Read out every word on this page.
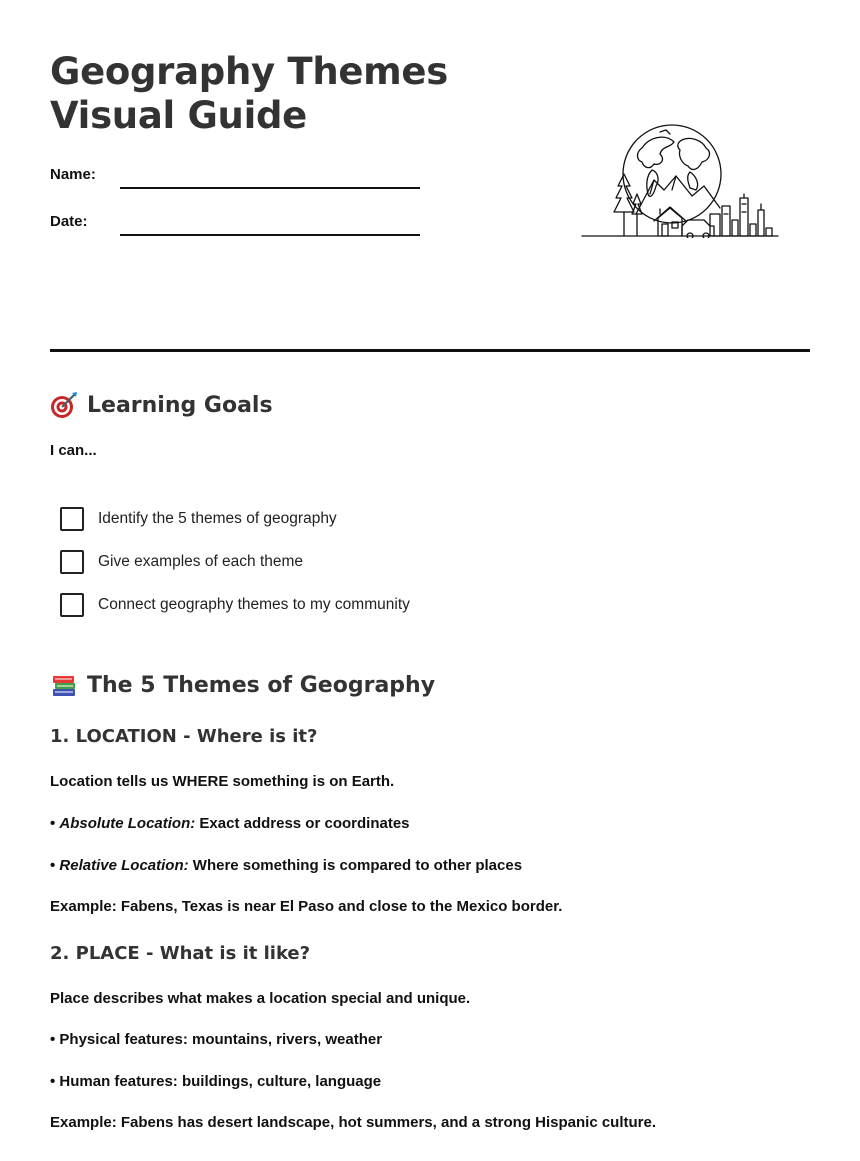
Geography Themes
Visual Guide
Name:
Date:
Learning Goals
I can...
Identify the 5 themes of geography
Give examples of each theme
Connect geography themes to my community
The 5 Themes of Geography
1. LOCATION - Where is it?

Location tells us WHERE something is on Earth.

• Absolute Location: Exact address or coordinates

• Relative Location: Where something is compared to other places

Example: Fabens, Texas is near El Paso and close to the Mexico border.

2. PLACE - What is it like?

Place describes what makes a location special and unique.

• Physical features: mountains, rivers, weather

• Human features: buildings, culture, language

Example: Fabens has desert landscape, hot summers, and a strong Hispanic culture.
